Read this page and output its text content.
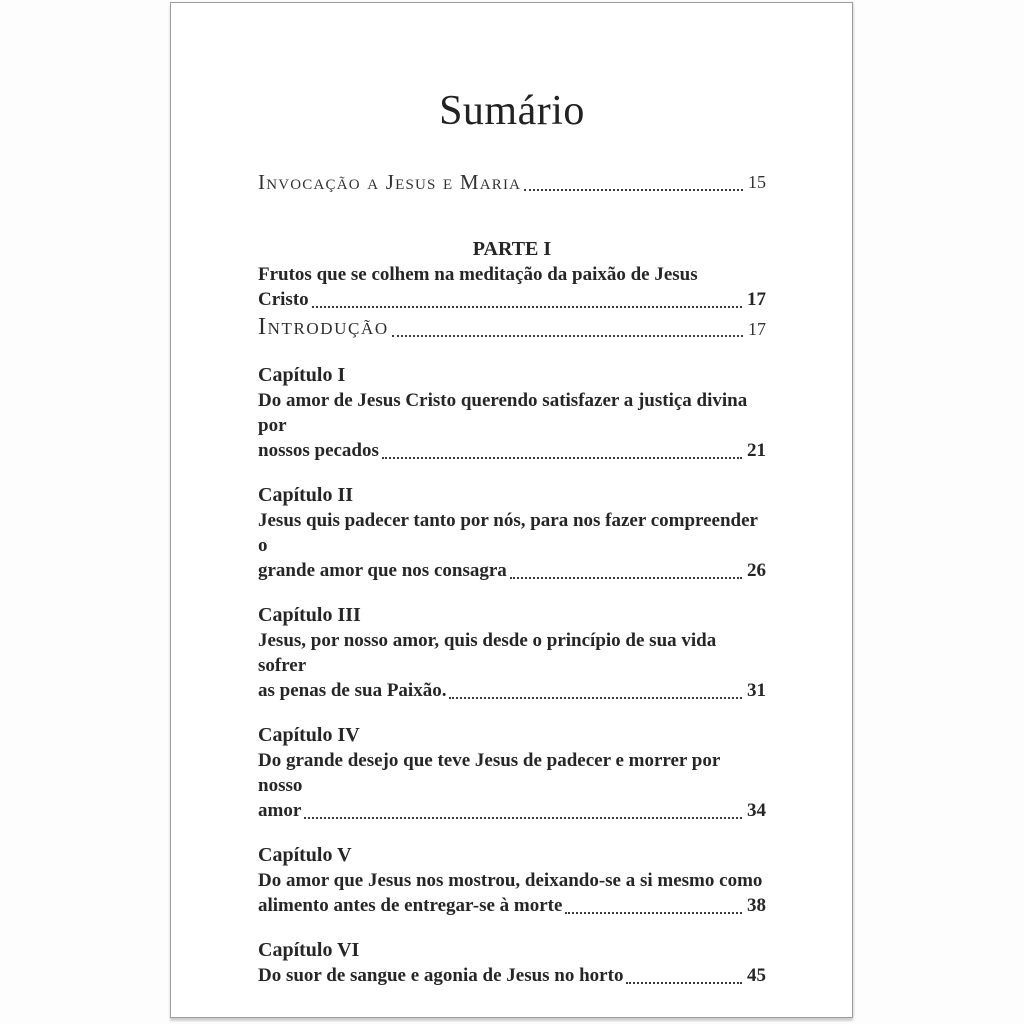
Sumário
Invocação a Jesus e Maria	15
PARTE I
Frutos que se colhem na meditação da paixão de Jesus
Cristo	17
Introdução	17
Capítulo I
Do amor de Jesus Cristo querendo satisfazer a justiça divina por
nossos pecados	21
Capítulo II
Jesus quis padecer tanto por nós, para nos fazer compreender o
grande amor que nos consagra	26
Capítulo III
Jesus, por nosso amor, quis desde o princípio de sua vida sofrer
as penas de sua Paixão.	31
Capítulo IV
Do grande desejo que teve Jesus de padecer e morrer por nosso
amor	34
Capítulo V
Do amor que Jesus nos mostrou, deixando-se a si mesmo como
alimento antes de entregar-se à morte	38
Capítulo VI
Do suor de sangue e agonia de Jesus no horto	45
